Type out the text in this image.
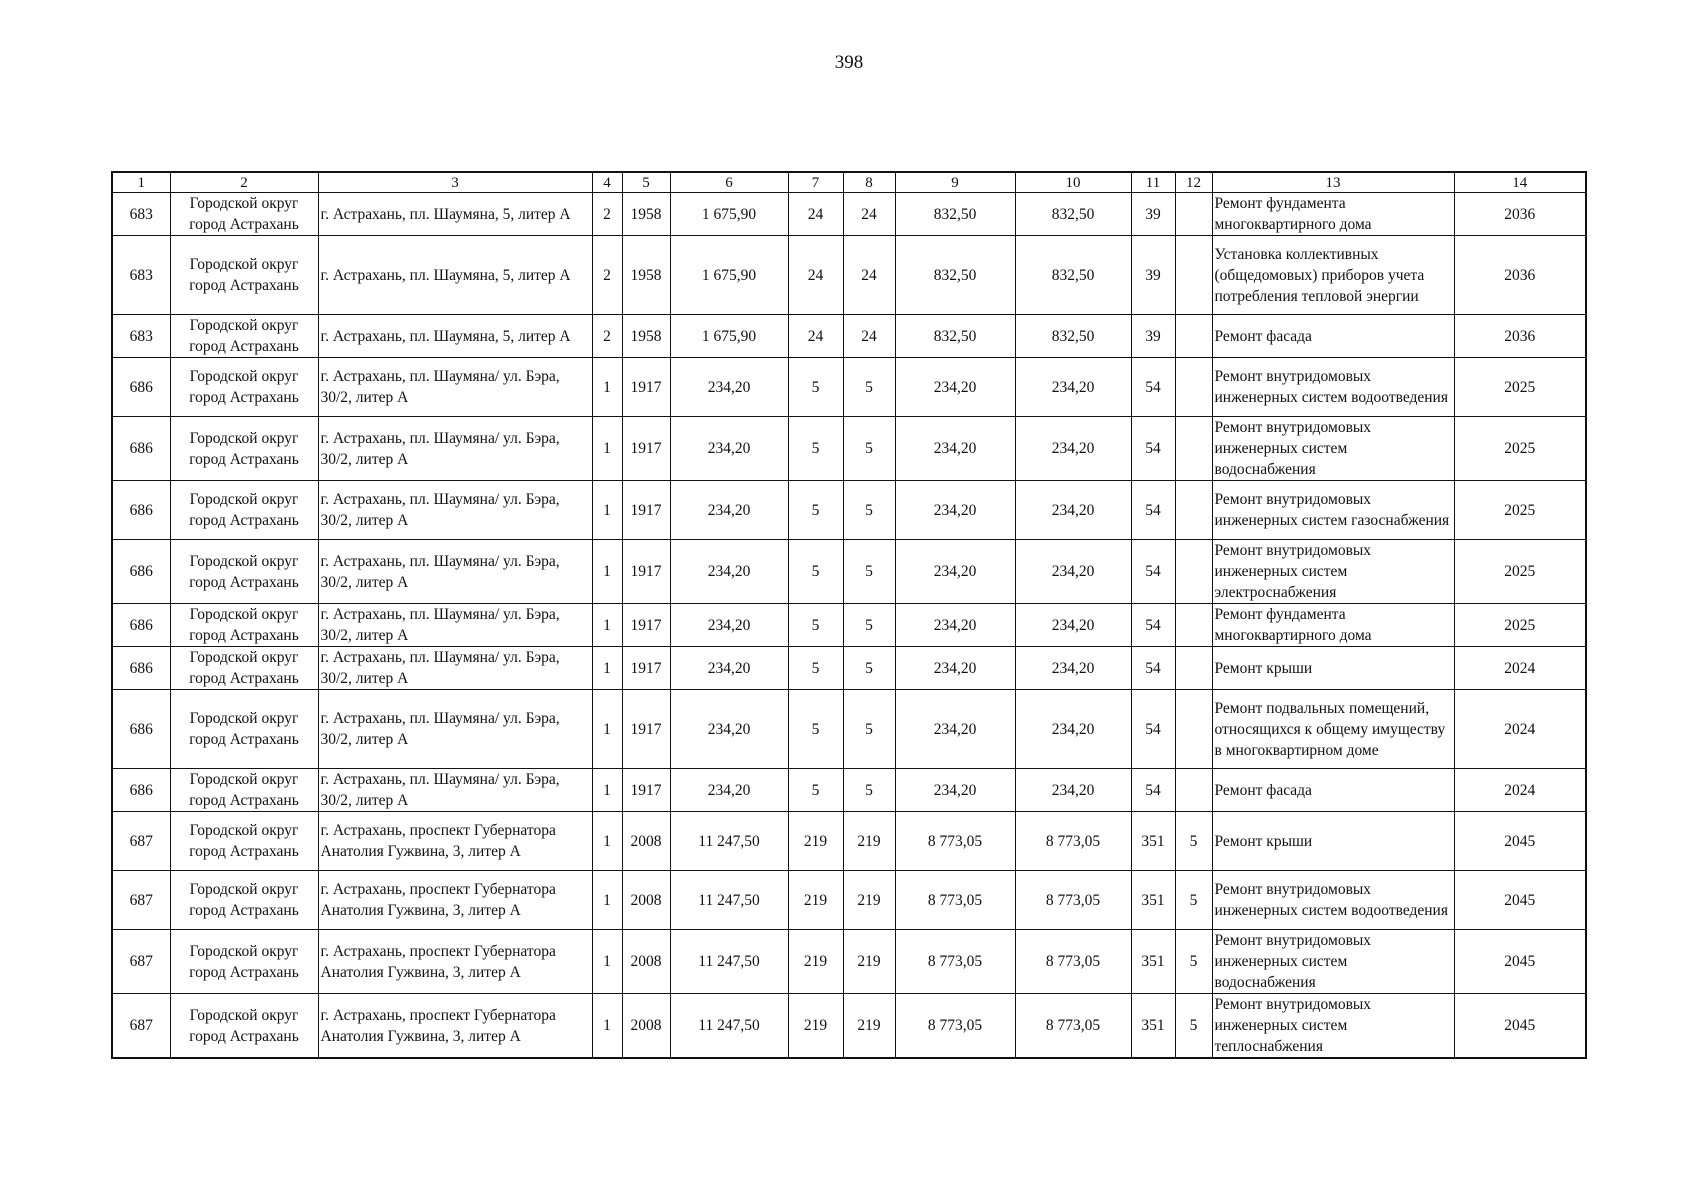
398
1	2	3	4	5	6	7	8	9	10	11	12	13	14
683	Городской округ город Астрахань	г. Астрахань, пл. Шаумяна, 5, литер А	2	1958	1 675,90	24	24	832,50	832,50	39		Ремонт фундамента многоквартирного дома	2036
683	Городской округ город Астрахань	г. Астрахань, пл. Шаумяна, 5, литер А	2	1958	1 675,90	24	24	832,50	832,50	39		Установка коллективных (общедомовых) приборов учета потребления тепловой энергии	2036
683	Городской округ город Астрахань	г. Астрахань, пл. Шаумяна, 5, литер А	2	1958	1 675,90	24	24	832,50	832,50	39		Ремонт фасада	2036
686	Городской округ город Астрахань	г. Астрахань, пл. Шаумяна/ ул. Бэра, 30/2, литер А	1	1917	234,20	5	5	234,20	234,20	54		Ремонт внутридомовых инженерных систем водоотведения	2025
686	Городской округ город Астрахань	г. Астрахань, пл. Шаумяна/ ул. Бэра, 30/2, литер А	1	1917	234,20	5	5	234,20	234,20	54		Ремонт внутридомовых инженерных систем водоснабжения	2025
686	Городской округ город Астрахань	г. Астрахань, пл. Шаумяна/ ул. Бэра, 30/2, литер А	1	1917	234,20	5	5	234,20	234,20	54		Ремонт внутридомовых инженерных систем газоснабжения	2025
686	Городской округ город Астрахань	г. Астрахань, пл. Шаумяна/ ул. Бэра, 30/2, литер А	1	1917	234,20	5	5	234,20	234,20	54		Ремонт внутридомовых инженерных систем электроснабжения	2025
686	Городской округ город Астрахань	г. Астрахань, пл. Шаумяна/ ул. Бэра, 30/2, литер А	1	1917	234,20	5	5	234,20	234,20	54		Ремонт фундамента многоквартирного дома	2025
686	Городской округ город Астрахань	г. Астрахань, пл. Шаумяна/ ул. Бэра, 30/2, литер А	1	1917	234,20	5	5	234,20	234,20	54		Ремонт крыши	2024
686	Городской округ город Астрахань	г. Астрахань, пл. Шаумяна/ ул. Бэра, 30/2, литер А	1	1917	234,20	5	5	234,20	234,20	54		Ремонт подвальных помещений, относящихся к общему имуществу в многоквартирном доме	2024
686	Городской округ город Астрахань	г. Астрахань, пл. Шаумяна/ ул. Бэра, 30/2, литер А	1	1917	234,20	5	5	234,20	234,20	54		Ремонт фасада	2024
687	Городской округ город Астрахань	г. Астрахань, проспект Губернатора Анатолия Гужвина, 3, литер А	1	2008	11 247,50	219	219	8 773,05	8 773,05	351	5	Ремонт крыши	2045
687	Городской округ город Астрахань	г. Астрахань, проспект Губернатора Анатолия Гужвина, 3, литер А	1	2008	11 247,50	219	219	8 773,05	8 773,05	351	5	Ремонт внутридомовых инженерных систем водоотведения	2045
687	Городской округ город Астрахань	г. Астрахань, проспект Губернатора Анатолия Гужвина, 3, литер А	1	2008	11 247,50	219	219	8 773,05	8 773,05	351	5	Ремонт внутридомовых инженерных систем водоснабжения	2045
687	Городской округ город Астрахань	г. Астрахань, проспект Губернатора Анатолия Гужвина, 3, литер А	1	2008	11 247,50	219	219	8 773,05	8 773,05	351	5	Ремонт внутридомовых инженерных систем теплоснабжения	2045
